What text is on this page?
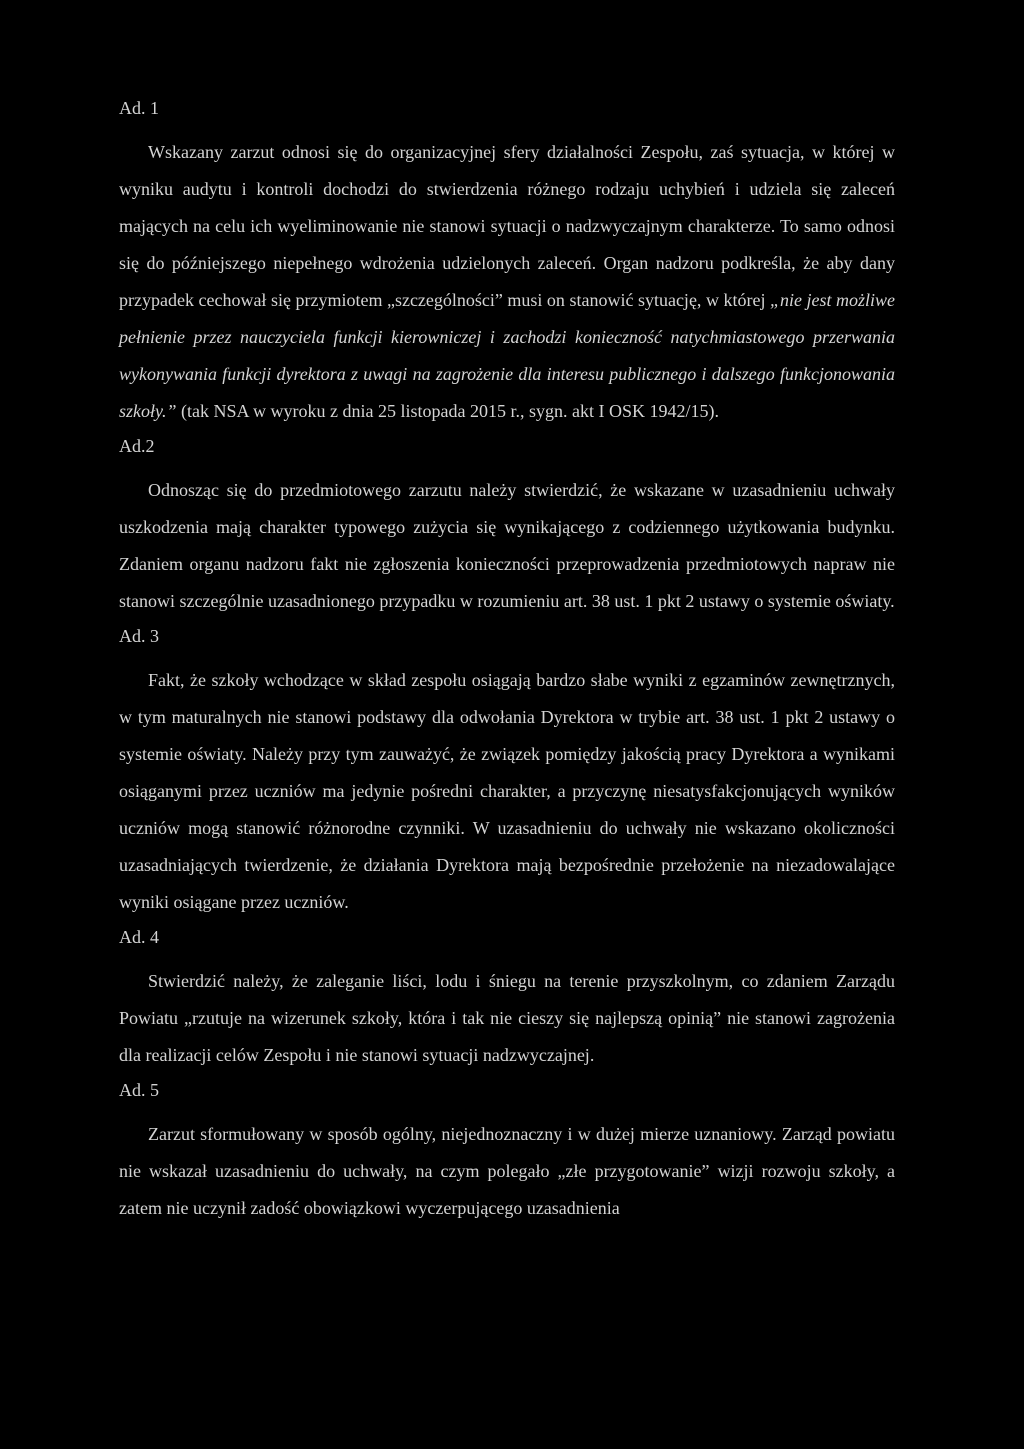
Ad. 1

Wskazany zarzut odnosi się do organizacyjnej sfery działalności Zespołu, zaś sytuacja, w której w wyniku audytu i kontroli dochodzi do stwierdzenia różnego rodzaju uchybień i udziela się zaleceń mających na celu ich wyeliminowanie nie stanowi sytuacji o nadzwyczajnym charakterze. To samo odnosi się do późniejszego niepełnego wdrożenia udzielonych zaleceń. Organ nadzoru podkreśla, że aby dany przypadek cechował się przymiotem „szczególności” musi on stanowić sytuację, w której „nie jest możliwe pełnienie przez nauczyciela funkcji kierowniczej i zachodzi konieczność natychmiastowego przerwania wykonywania funkcji dyrektora z uwagi na zagrożenie dla interesu publicznego i dalszego funkcjonowania szkoły.” (tak NSA w wyroku z dnia 25 listopada 2015 r., sygn. akt I OSK 1942/15).

Ad.2

Odnosząc się do przedmiotowego zarzutu należy stwierdzić, że wskazane w uzasadnieniu uchwały uszkodzenia mają charakter typowego zużycia się wynikającego z codziennego użytkowania budynku. Zdaniem organu nadzoru fakt nie zgłoszenia konieczności przeprowadzenia przedmiotowych napraw nie stanowi szczególnie uzasadnionego przypadku w rozumieniu art. 38 ust. 1 pkt 2 ustawy o systemie oświaty.

Ad. 3

Fakt, że szkoły wchodzące w skład zespołu osiągają bardzo słabe wyniki z egzaminów zewnętrznych, w tym maturalnych nie stanowi podstawy dla odwołania Dyrektora w trybie art. 38 ust. 1 pkt 2 ustawy o systemie oświaty. Należy przy tym zauważyć, że związek pomiędzy jakością pracy Dyrektora a wynikami osiąganymi przez uczniów ma jedynie pośredni charakter, a przyczynę niesatysfakcjonujących wyników uczniów mogą stanowić różnorodne czynniki. W uzasadnieniu do uchwały nie wskazano okoliczności uzasadniających twierdzenie, że działania Dyrektora mają bezpośrednie przełożenie na niezadowalające wyniki osiągane przez uczniów.

Ad. 4

Stwierdzić należy, że zaleganie liści, lodu i śniegu na terenie przyszkolnym, co zdaniem Zarządu Powiatu „rzutuje na wizerunek szkoły, która i tak nie cieszy się najlepszą opinią” nie stanowi zagrożenia dla realizacji celów Zespołu i nie stanowi sytuacji nadzwyczajnej.

Ad. 5

Zarzut sformułowany w sposób ogólny, niejednoznaczny i w dużej mierze uznaniowy. Zarząd powiatu nie wskazał uzasadnieniu do uchwały, na czym polegało „złe przygotowanie” wizji rozwoju szkoły, a zatem nie uczynił zadość obowiązkowi wyczerpującego uzasadnienia
